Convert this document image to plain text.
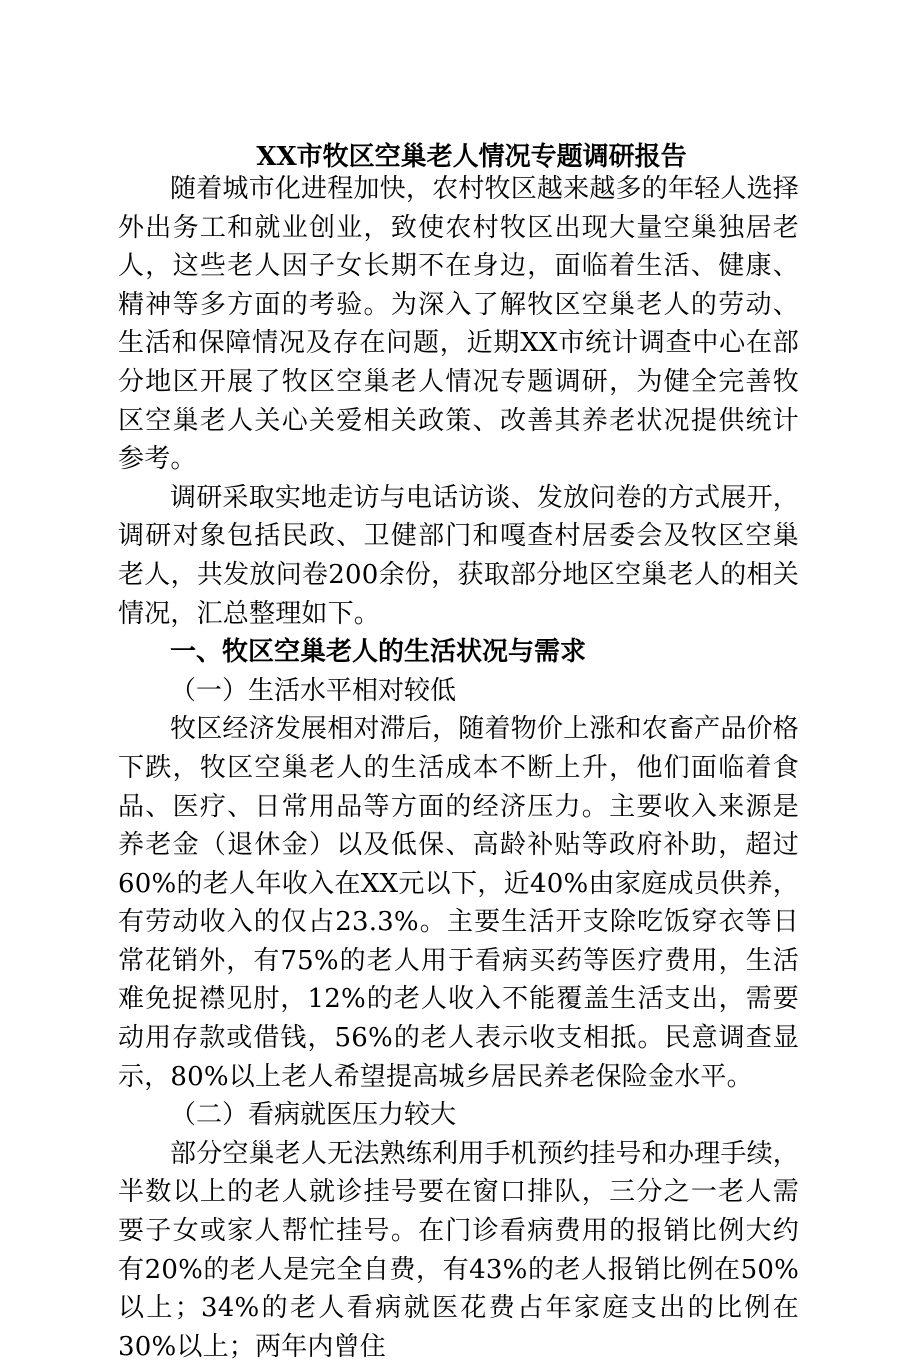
XX市牧区空巢老人情况专题调研报告

随着城市化进程加快，农村牧区越来越多的年轻人选择外出务工和就业创业，致使农村牧区出现大量空巢独居老人，这些老人因子女长期不在身边，面临着生活、健康、精神等多方面的考验。为深入了解牧区空巢老人的劳动、生活和保障情况及存在问题，近期XX市统计调查中心在部分地区开展了牧区空巢老人情况专题调研，为健全完善牧区空巢老人关心关爱相关政策、改善其养老状况提供统计参考。

调研采取实地走访与电话访谈、发放问卷的方式展开，调研对象包括民政、卫健部门和嘎查村居委会及牧区空巢老人，共发放问卷200余份，获取部分地区空巢老人的相关情况，汇总整理如下。

一、牧区空巢老人的生活状况与需求
（一）生活水平相对较低

牧区经济发展相对滞后，随着物价上涨和农畜产品价格下跌，牧区空巢老人的生活成本不断上升，他们面临着食品、医疗、日常用品等方面的经济压力。主要收入来源是养老金（退休金）以及低保、高龄补贴等政府补助，超过60%的老人年收入在XX元以下，近40%由家庭成员供养，有劳动收入的仅占23.3%。主要生活开支除吃饭穿衣等日常花销外，有75%的老人用于看病买药等医疗费用，生活难免捉襟见肘，12%的老人收入不能覆盖生活支出，需要动用存款或借钱，56%的老人表示收支相抵。民意调查显示，80%以上老人希望提高城乡居民养老保险金水平。

（二）看病就医压力较大

部分空巢老人无法熟练利用手机预约挂号和办理手续，半数以上的老人就诊挂号要在窗口排队，三分之一老人需要子女或家人帮忙挂号。在门诊看病费用的报销比例大约有20%的老人是完全自费，有43%的老人报销比例在50%以上；34%的老人看病就医花费占年家庭支出的比例在30%以上；两年内曾住
